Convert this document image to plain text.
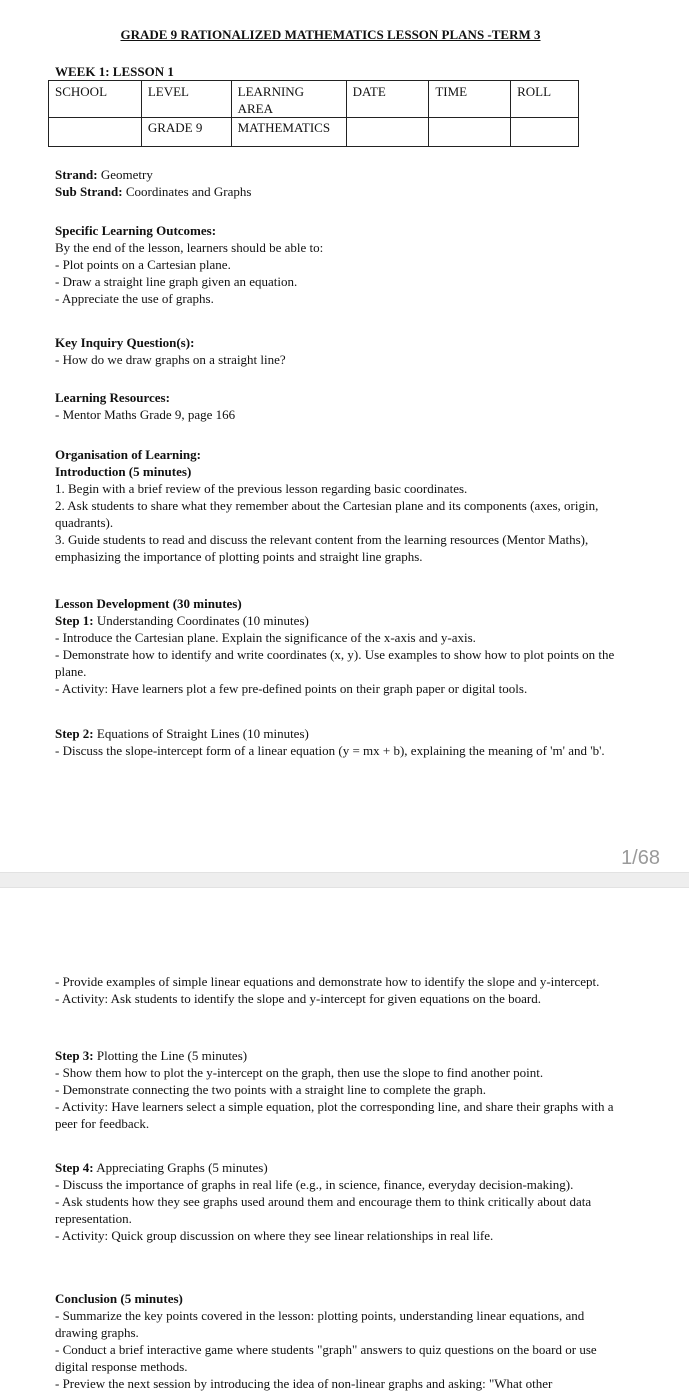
GRADE 9 RATIONALIZED MATHEMATICS LESSON PLANS -TERM 3
WEEK 1: LESSON 1
SCHOOL	LEVEL	LEARNING AREA	DATE	TIME	ROLL
	GRADE 9	MATHEMATICS			

Strand: Geometry

Sub Strand: Coordinates and Graphs

Specific Learning Outcomes:

By the end of the lesson, learners should be able to:

- Plot points on a Cartesian plane.

- Draw a straight line graph given an equation.

- Appreciate the use of graphs.

Key Inquiry Question(s):

- How do we draw graphs on a straight line?

Learning Resources:

- Mentor Maths Grade 9, page 166

Organisation of Learning:

Introduction (5 minutes)

1. Begin with a brief review of the previous lesson regarding basic coordinates.

2. Ask students to share what they remember about the Cartesian plane and its components (axes, origin, quadrants).

3. Guide students to read and discuss the relevant content from the learning resources (Mentor Maths), emphasizing the importance of plotting points and straight line graphs.

Lesson Development (30 minutes)

Step 1: Understanding Coordinates (10 minutes)

- Introduce the Cartesian plane. Explain the significance of the x-axis and y-axis.

- Demonstrate how to identify and write coordinates (x, y). Use examples to show how to plot points on the plane.

- Activity: Have learners plot a few pre-defined points on their graph paper or digital tools.

Step 2: Equations of Straight Lines (10 minutes)

- Discuss the slope-intercept form of a linear equation (y = mx + b), explaining the meaning of 'm' and 'b'.

1/68

- Provide examples of simple linear equations and demonstrate how to identify the slope and y-intercept.

- Activity: Ask students to identify the slope and y-intercept for given equations on the board.

Step 3: Plotting the Line (5 minutes)

- Show them how to plot the y-intercept on the graph, then use the slope to find another point.

- Demonstrate connecting the two points with a straight line to complete the graph.

- Activity: Have learners select a simple equation, plot the corresponding line, and share their graphs with a peer for feedback.

Step 4: Appreciating Graphs (5 minutes)

- Discuss the importance of graphs in real life (e.g., in science, finance, everyday decision-making).

- Ask students how they see graphs used around them and encourage them to think critically about data representation.

- Activity: Quick group discussion on where they see linear relationships in real life.

Conclusion (5 minutes)

- Summarize the key points covered in the lesson: plotting points, understanding linear equations, and drawing graphs.

- Conduct a brief interactive game where students "graph" answers to quiz questions on the board or use digital response methods.

- Preview the next session by introducing the idea of non-linear graphs and asking: "What other
